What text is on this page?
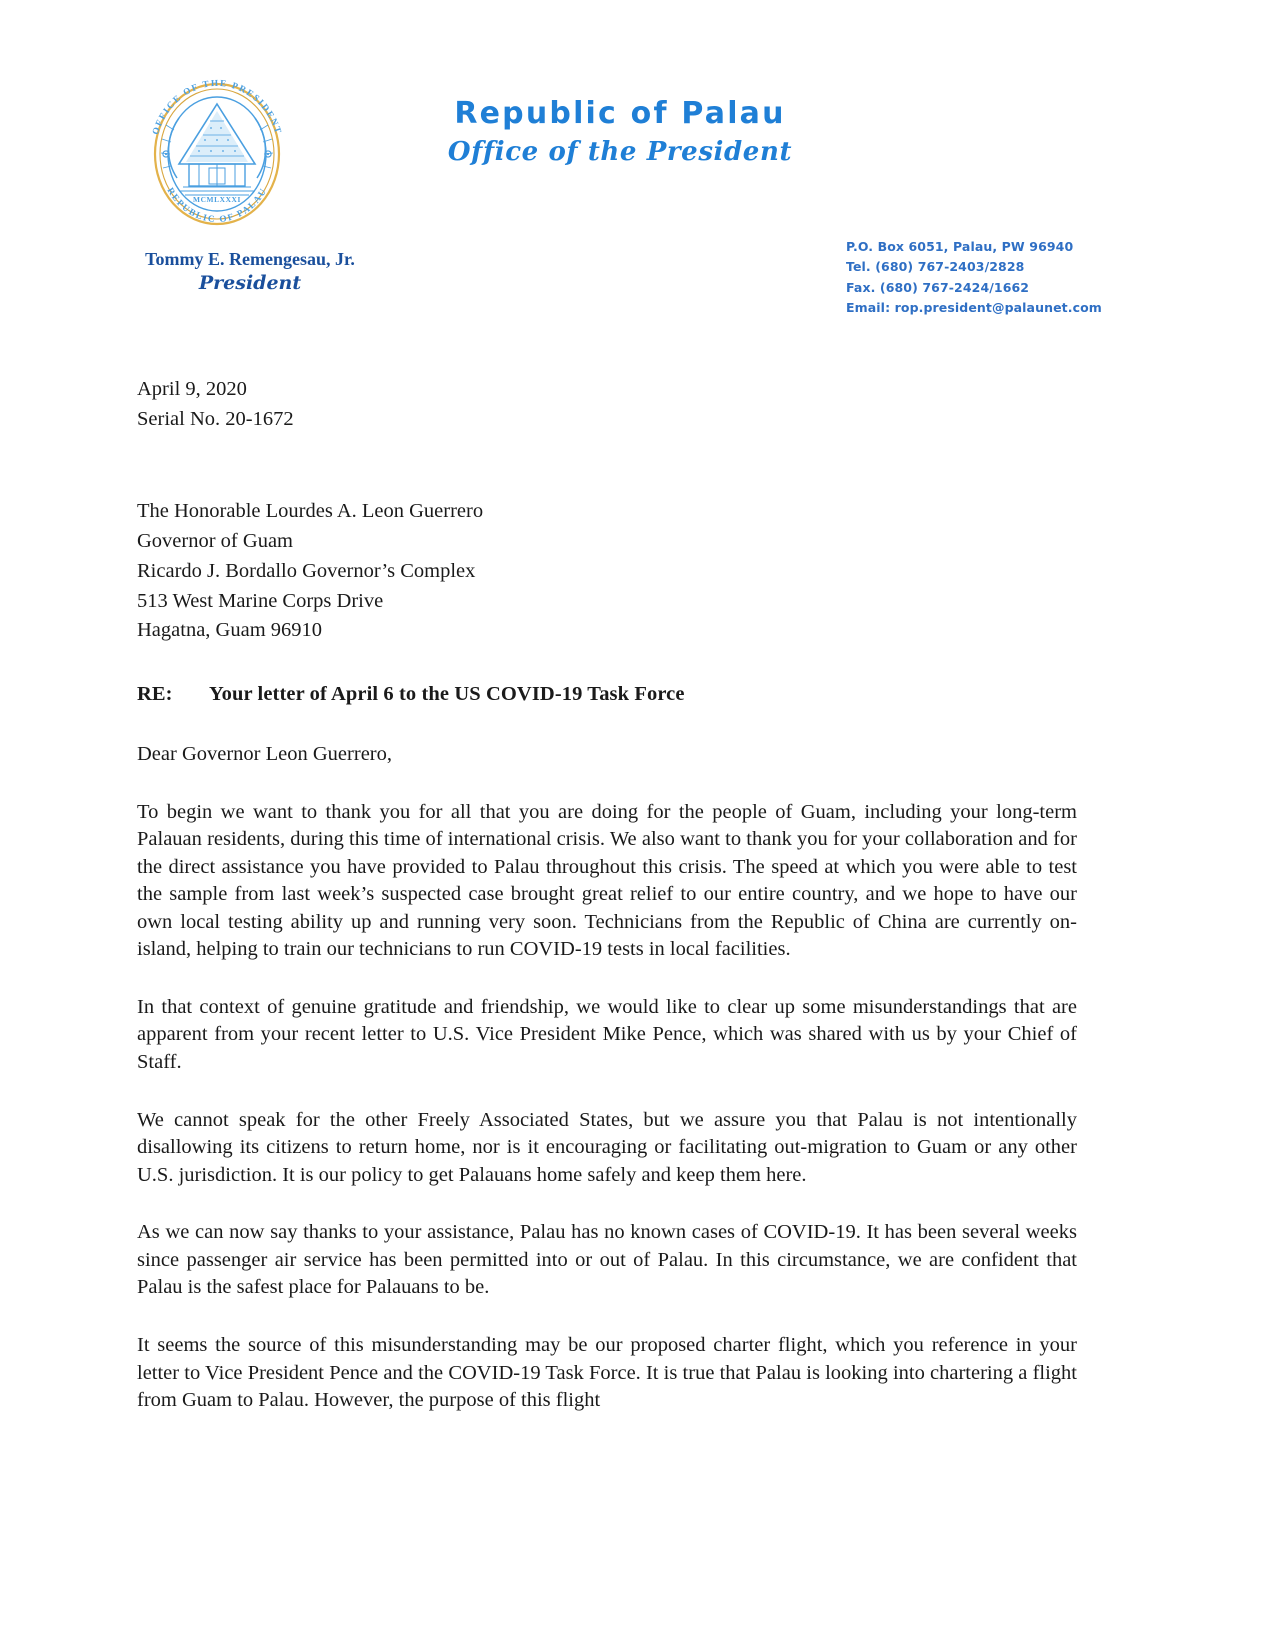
OFFICE OF THE PRESIDENT
REPUBLIC OF PALAU
MCMLXXXI
Republic of Palau
Office of the President
Tommy E. Remengesau, Jr.
President
P.O. Box 6051, Palau, PW 96940
Tel. (680) 767-2403/2828
Fax. (680) 767-2424/1662
Email: rop.president@palaunet.com
April 9, 2020
Serial No. 20-1672
The Honorable Lourdes A. Leon Guerrero
Governor of Guam
Ricardo J. Bordallo Governor’s Complex
513 West Marine Corps Drive
Hagatna, Guam 96910
RE: Your letter of April 6 to the US COVID-19 Task Force
Dear Governor Leon Guerrero,

To begin we want to thank you for all that you are doing for the people of Guam, including your long-term Palauan residents, during this time of international crisis. We also want to thank you for your collaboration and for the direct assistance you have provided to Palau throughout this crisis. The speed at which you were able to test the sample from last week’s suspected case brought great relief to our entire country, and we hope to have our own local testing ability up and running very soon. Technicians from the Republic of China are currently on-island, helping to train our technicians to run COVID-19 tests in local facilities.

In that context of genuine gratitude and friendship, we would like to clear up some misunderstandings that are apparent from your recent letter to U.S. Vice President Mike Pence, which was shared with us by your Chief of Staff.

We cannot speak for the other Freely Associated States, but we assure you that Palau is not intentionally disallowing its citizens to return home, nor is it encouraging or facilitating out-migration to Guam or any other U.S. jurisdiction. It is our policy to get Palauans home safely and keep them here.

As we can now say thanks to your assistance, Palau has no known cases of COVID-19. It has been several weeks since passenger air service has been permitted into or out of Palau. In this circumstance, we are confident that Palau is the safest place for Palauans to be.

It seems the source of this misunderstanding may be our proposed charter flight, which you reference in your letter to Vice President Pence and the COVID-19 Task Force. It is true that Palau is looking into chartering a flight from Guam to Palau. However, the purpose of this flight
